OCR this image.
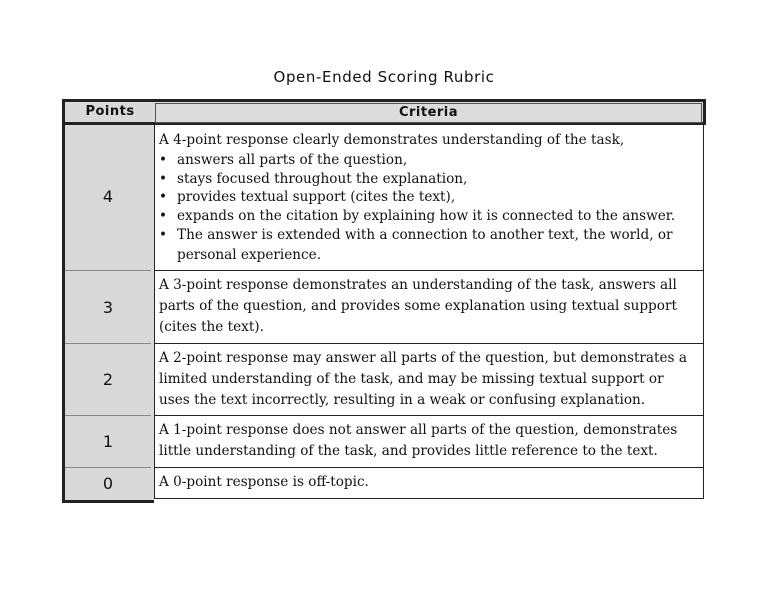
Open-Ended Scoring Rubric
Points	Criteria
4
A 4-point response clearly demonstrates understanding of the task,
• answers all parts of the question,
• stays focused throughout the explanation,
• provides textual support (cites the text),
• expands on the citation by explaining how it is connected to the answer.
• The answer is extended with a connection to another text, the world, or personal experience.
3
A 3-point response demonstrates an understanding of the task, answers all parts of the question, and provides some explanation using textual support (cites the text).
2
A 2-point response may answer all parts of the question, but demonstrates a limited understanding of the task, and may be missing textual support or uses the text incorrectly, resulting in a weak or confusing explanation.
1
A 1-point response does not answer all parts of the question, demonstrates little understanding of the task, and provides little reference to the text.
0	A 0-point response is off-topic.
